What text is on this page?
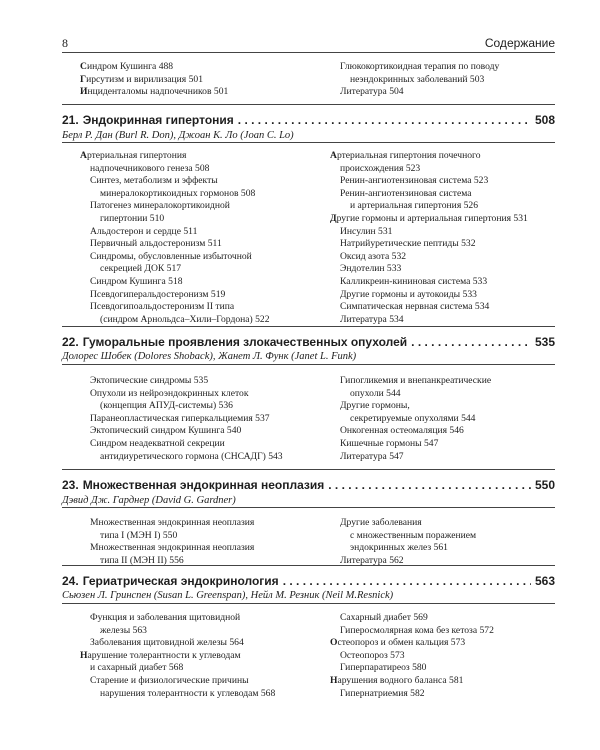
8	Содержание
Синдром Кушинга 488
Гирсутизм и вирилизация 501
Инциденталомы надпочечников 501
Глюкокортикоидная терапия по поводу
неэндокринных заболеваний 503
Литература 504
21. Эндокринная гипертония . . .	508
Берл Р. Дан (Burl R. Don), Джоан К. Ло (Joan C. Lo)
Артериальная гипертония
надпочечникового генеза 508
Синтез, метаболизм и эффекты
минералокортикоидных гормонов 508
Патогенез минералокортикоидной
гипертонии 510
Альдостерон и сердце 511
Первичный альдостеронизм 511
Синдромы, обусловленные избыточной
секрецией ДОК 517
Синдром Кушинга 518
Псевдогиперальдостеронизм 519
Псевдогипоальдостеронизм II типа
(синдром Арнольдса–Хили–Гордона) 522
Артериальная гипертония почечного
происхождения 523
Ренин-ангиотензиновая система 523
Ренин-ангиотензиновая система
и артериальная гипертония 526
Другие гормоны и артериальная гипертония 531
Инсулин 531
Натрийуретические пептиды 532
Оксид азота 532
Эндотелин 533
Калликреин-кининовая система 533
Другие гормоны и аутокоиды 533
Симпатическая нервная система 534
Литература 534
22. Гуморальные проявления злокачественных опухолей . . .	535
Долорес Шобек (Dolores Shoback), Жанет Л. Функ (Janet L. Funk)
Эктопические синдромы 535
Опухоли из нейроэндокринных клеток
(концепция АПУД-системы) 536
Паранеопластическая гиперкальциемия 537
Эктопический синдром Кушинга 540
Синдром неадекватной секреции
антидиуретического гормона (СНСАДГ) 543
Гипогликемия и внепанкреатические
опухоли 544
Другие гормоны,
секретируемые опухолями 544
Онкогенная остеомаляция 546
Кишечные гормоны 547
Литература 547
23. Множественная эндокринная неоплазия . . .	550
Дэвид Дж. Гарднер (David G. Gardner)
Множественная эндокринная неоплазия
типа I (МЭН I) 550
Множественная эндокринная неоплазия
типа II (МЭН II) 556
Другие заболевания
с множественным поражением
эндокринных желез 561
Литература 562
24. Гериатрическая эндокринология . . .	563
Сьюзен Л. Гринспен (Susan L. Greenspan), Нейл М. Резник (Neil M.Resnick)
Функция и заболевания щитовидной
железы 563
Заболевания щитовидной железы 564
Нарушение толерантности к углеводам
и сахарный диабет 568
Старение и физиологические причины
нарушения толерантности к углеводам 568
Сахарный диабет 569
Гиперосмолярная кома без кетоза 572
Остеопороз и обмен кальция 573
Остеопороз 573
Гиперпаратиреоз 580
Нарушения водного баланса 581
Гипернатриемия 582
